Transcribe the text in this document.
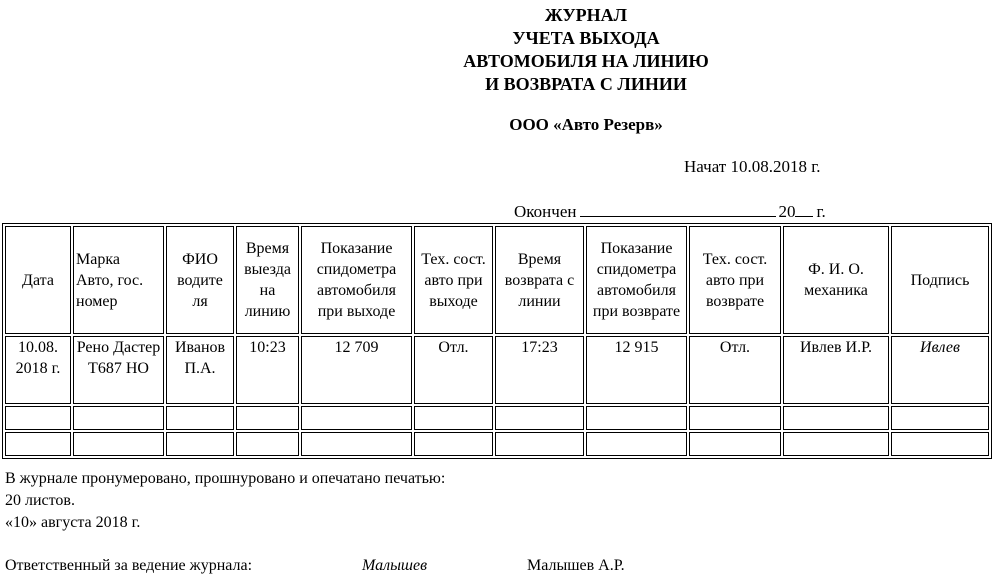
ЖУРНАЛ
УЧЕТА ВЫХОДА
АВТОМОБИЛЯ НА ЛИНИЮ
И ВОЗВРАТА С ЛИНИИ
ООО «Авто Резерв»
Начат 10.08.2018 г.
Окончен	20 г.
Дата	Марка Авто, гос. номер	ФИО водите ля	Время выезда на линию	Показание спидометра автомобиля при выходе	Тех. сост. авто при выходе	Время возврата с линии	Показание спидометра автомобиля при возврате	Тех. сост. авто при возврате	Ф. И. О. механика	Подпись
10.08. 2018 г.	Рено Дастер Т687 НО	Иванов П.А.	10:23	12 709	Отл.	17:23	12 915	Отл.	Ивлев И.Р.	Ивлев

В журнале пронумеровано, прошнуровано и опечатано печатью:
20 листов.
«10» августа 2018 г.
Ответственный за ведение журнала:	Малышев	Малышев А.Р.
